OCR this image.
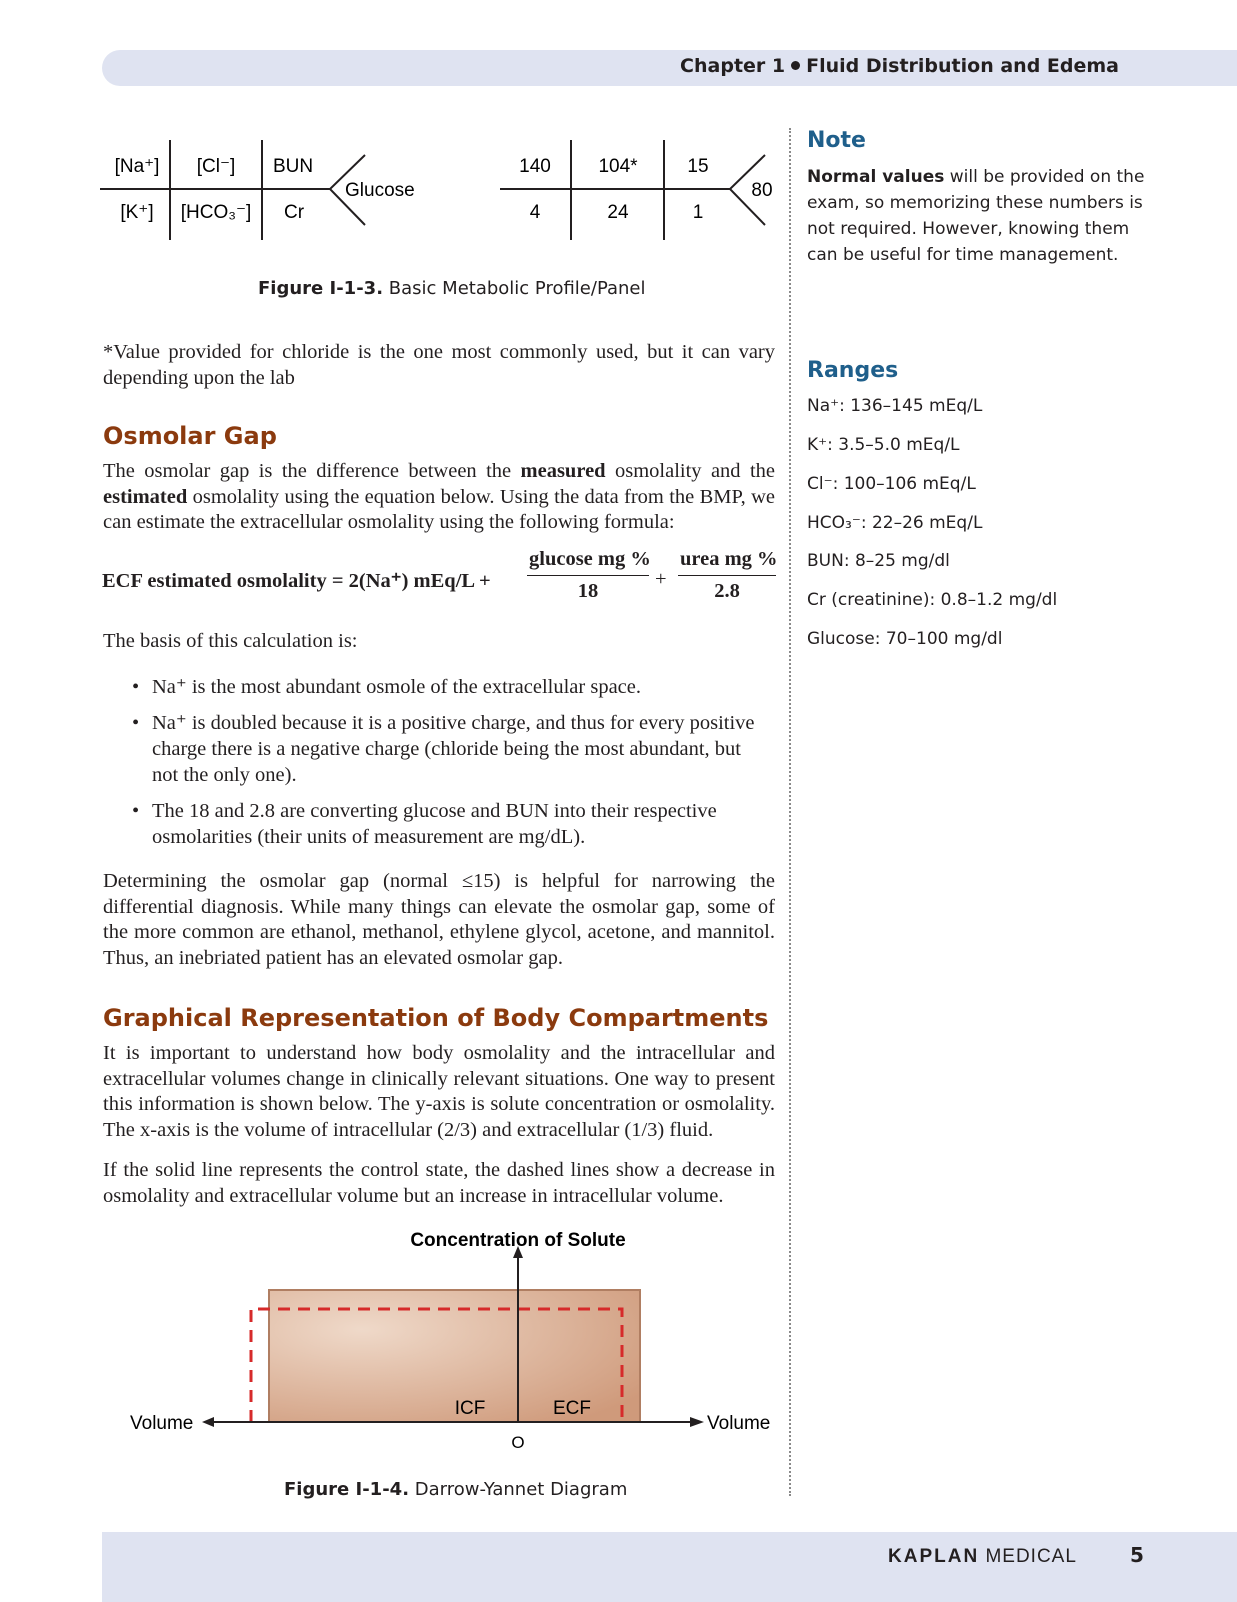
Chapter 1 Fluid Distribution and Edema
[Na⁺] [Cl⁻] BUN
[K⁺] [HCO₃⁻] Cr
Glucose
140	104*	15
4	24	1
80
Figure I-1-3. Basic Metabolic Profile/Panel
*Value provided for chloride is the one most commonly used, but it can vary depending upon the lab
Osmolar Gap
The osmolar gap is the difference between the measured osmolality and the estimated osmolality using the equation below. Using the data from the BMP, we can estimate the extracellular osmolality using the following formula:
ECF estimated osmolality = 2(Na⁺) mEq/L +
glucose mg %
18
+
urea mg %
2.8
The basis of this calculation is:
• Na⁺ is the most abundant osmole of the extracellular space.
• Na⁺ is doubled because it is a positive charge, and thus for every positive charge there is a negative charge (chloride being the most abundant, but not the only one).
• The 18 and 2.8 are converting glucose and BUN into their respective osmolarities (their units of measurement are mg/dL).
Determining the osmolar gap (normal ≤15) is helpful for narrowing the differential diagnosis. While many things can elevate the osmolar gap, some of the more common are ethanol, methanol, ethylene glycol, acetone, and mannitol. Thus, an inebriated patient has an elevated osmolar gap.
Graphical Representation of Body Compartments
It is important to understand how body osmolality and the intracellular and extracellular volumes change in clinically relevant situations. One way to present this information is shown below. The y-axis is solute concentration or osmolality. The x-axis is the volume of intracellular (2/3) and extracellular (1/3) fluid.
If the solid line represents the control state, the dashed lines show a decrease in osmolality and extracellular volume but an increase in intracellular volume.
Concentration of Solute
Volume	Volume
O
ICF	ECF
Figure I-1-4. Darrow-Yannet Diagram
Note
Normal values will be provided on the exam, so memorizing these numbers is not required. However, knowing them can be useful for time management.
Ranges
Na⁺: 136–145 mEq/L
K⁺: 3.5–5.0 mEq/L
Cl⁻: 100–106 mEq/L
HCO₃⁻: 22–26 mEq/L
BUN: 8–25 mg/dl
Cr (creatinine): 0.8–1.2 mg/dl
Glucose: 70–100 mg/dl
KAPLAN MEDICAL	5
